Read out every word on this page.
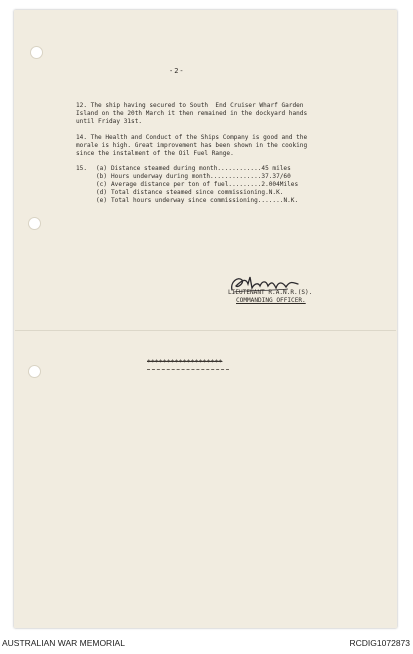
-2-
12. The ship having secured to South  End Cruiser Wharf Garden
Island on the 20th March it then remained in the dockyard hands
until Friday 31st.
14. The Health and Conduct of the Ships Company is good and the
morale is high. Great improvement has been shown in the cooking
since the instalment of the Oil Fuel Range.
15. (a) Distance steamed during month............45 miles
(b) Hours underway during month..............37.37/60
(c) Average distance per ton of fuel.........2.004Miles
(d) Total distance steamed since commissioning.N.K.
(e) Total hours underway since commissioning.......N.K.
LIEUTENANT R.A.N.R.(S).
COMMANDING OFFICER.
+++++++++++++++++++
AUSTRALIAN WAR MEMORIAL	RCDIG1072873
